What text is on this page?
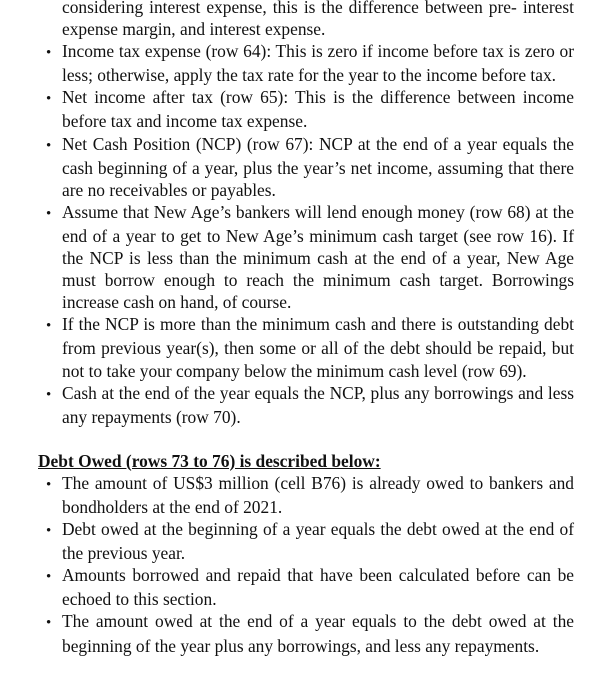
considering interest expense, this is the difference between pre- interest expense margin, and interest expense.
• Income tax expense (row 64): This is zero if income before tax is zero or less; otherwise, apply the tax rate for the year to the income before tax.
• Net income after tax (row 65): This is the difference between income before tax and income tax expense.
• Net Cash Position (NCP) (row 67): NCP at the end of a year equals the cash beginning of a year, plus the year’s net income, assuming that there are no receivables or payables.
• Assume that New Age’s bankers will lend enough money (row 68) at the end of a year to get to New Age’s minimum cash target (see row 16). If the NCP is less than the minimum cash at the end of a year, New Age must borrow enough to reach the minimum cash target. Borrowings increase cash on hand, of course.
• If the NCP is more than the minimum cash and there is outstanding debt from previous year(s), then some or all of the debt should be repaid, but not to take your company below the minimum cash level (row 69).
• Cash at the end of the year equals the NCP, plus any borrowings and less any repayments (row 70).
Debt Owed (rows 73 to 76) is described below:
• The amount of US$3 million (cell B76) is already owed to bankers and bondholders at the end of 2021.
• Debt owed at the beginning of a year equals the debt owed at the end of the previous year.
• Amounts borrowed and repaid that have been calculated before can be echoed to this section.
• The amount owed at the end of a year equals to the debt owed at the beginning of the year plus any borrowings, and less any repayments.
